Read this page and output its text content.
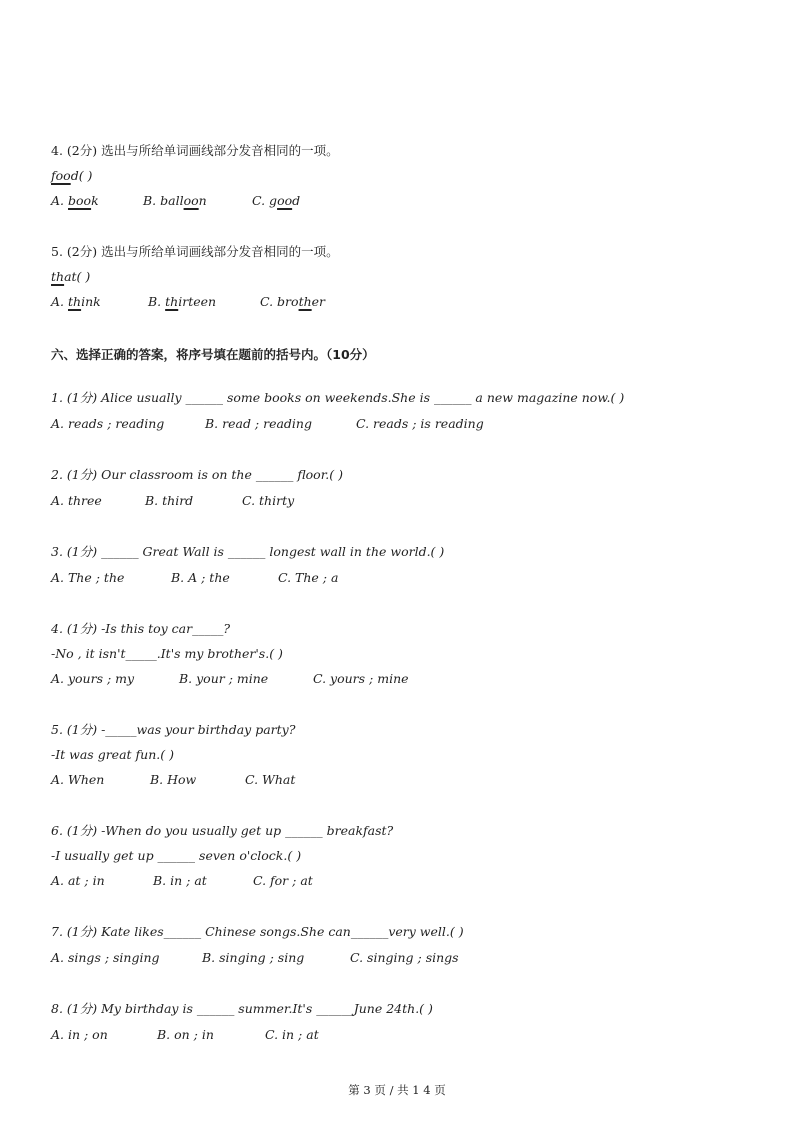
4. (2分) 选出与所给单词画线部分发音相同的一项。
food( )
A. book	B. balloon	C. good
5. (2分) 选出与所给单词画线部分发音相同的一项。
that( )
A. think	B. thirteen	C. brother
六、选择正确的答案，将序号填在题前的括号内。（10分）
1. (1分) Alice usually ______ some books on weekends.She is ______ a new magazine now.( )
A. reads ; reading	B. read ; reading	C. reads ; is reading
2. (1分) Our classroom is on the ______ floor.( )
A. three	B. third	C. thirty
3. (1分) ______ Great Wall is ______ longest wall in the world.( )
A. The ; the	B. A ; the	C. The ; a
4. (1分) -Is this toy car_____?
-No , it isn't_____.It's my brother's.( )
A. yours ; my	B. your ; mine	C. yours ; mine
5. (1分) -_____was your birthday party?
-It was great fun.( )
A. When	B. How	C. What
6. (1分) -When do you usually get up ______ breakfast?
-I usually get up ______ seven o'clock.( )
A. at ; in	B. in ; at	C. for ; at
7. (1分) Kate likes______ Chinese songs.She can______very well.( )
A. sings ; singing	B. singing ; sing	C. singing ; sings
8. (1分) My birthday is ______ summer.It's ______June 24th.( )
A. in ; on	B. on ; in	C. in ; at
第 3 页 / 共 1 4 页
